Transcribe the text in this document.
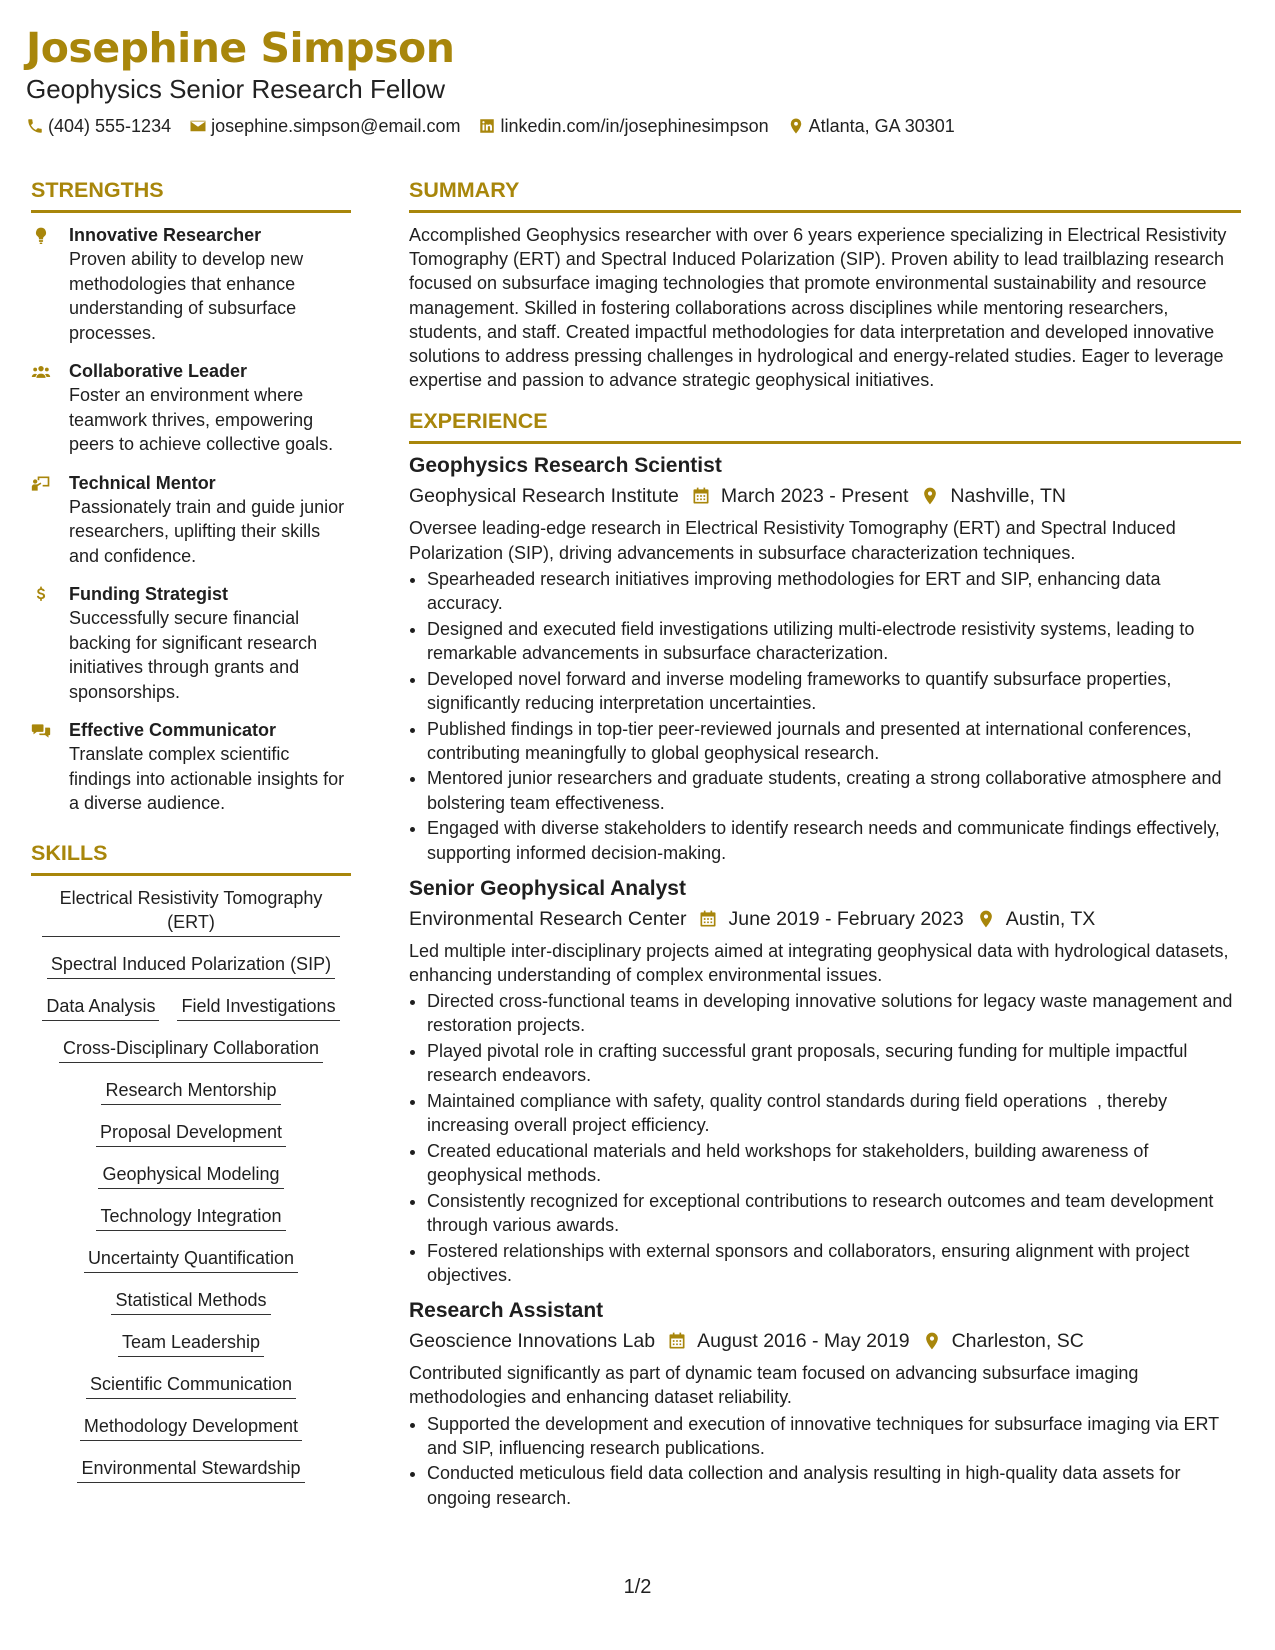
Josephine Simpson
Geophysics Senior Research Fellow
(404) 555-1234 josephine.simpson@email.com linkedin.com/in/josephinesimpson Atlanta, GA 30301
STRENGTHS
Innovative Researcher
Proven ability to develop new methodologies that enhance understanding of subsurface processes.
Collaborative Leader
Foster an environment where teamwork thrives, empowering peers to achieve collective goals.
Technical Mentor
Passionately train and guide junior researchers, uplifting their skills and confidence.
Funding Strategist
Successfully secure financial backing for significant research initiatives through grants and sponsorships.
Effective Communicator
Translate complex scientific findings into actionable insights for a diverse audience.
SKILLS
Electrical Resistivity Tomography (ERT)
Spectral Induced Polarization (SIP)
Data Analysis Field Investigations
Cross-Disciplinary Collaboration
Research Mentorship
Proposal Development
Geophysical Modeling
Technology Integration
Uncertainty Quantification
Statistical Methods
Team Leadership
Scientific Communication
Methodology Development
Environmental Stewardship
SUMMARY
Accomplished Geophysics researcher with over 6 years experience specializing in Electrical Resistivity Tomography (ERT) and Spectral Induced Polarization (SIP). Proven ability to lead trailblazing research focused on subsurface imaging technologies that promote environmental sustainability and resource management. Skilled in fostering collaborations across disciplines while mentoring researchers, students, and staff. Created impactful methodologies for data interpretation and developed innovative solutions to address pressing challenges in hydrological and energy-related studies. Eager to leverage expertise and passion to advance strategic geophysical initiatives.
EXPERIENCE
Geophysics Research Scientist
Geophysical Research Institute March 2023 - Present Nashville, TN
Oversee leading-edge research in Electrical Resistivity Tomography (ERT) and Spectral Induced Polarization (SIP), driving advancements in subsurface characterization techniques.
• Spearheaded research initiatives improving methodologies for ERT and SIP, enhancing data accuracy.
• Designed and executed field investigations utilizing multi-electrode resistivity systems, leading to remarkable advancements in subsurface characterization.
• Developed novel forward and inverse modeling frameworks to quantify subsurface properties, significantly reducing interpretation uncertainties.
• Published findings in top-tier peer-reviewed journals and presented at international conferences, contributing meaningfully to global geophysical research.
• Mentored junior researchers and graduate students, creating a strong collaborative atmosphere and bolstering team effectiveness.
• Engaged with diverse stakeholders to identify research needs and communicate findings effectively, supporting informed decision-making.
Senior Geophysical Analyst
Environmental Research Center June 2019 - February 2023 Austin, TX
Led multiple inter-disciplinary projects aimed at integrating geophysical data with hydrological datasets, enhancing understanding of complex environmental issues.
• Directed cross-functional teams in developing innovative solutions for legacy waste management and restoration projects.
• Played pivotal role in crafting successful grant proposals, securing funding for multiple impactful research endeavors.
• Maintained compliance with safety, quality control standards during field operations  , thereby increasing overall project efficiency.
• Created educational materials and held workshops for stakeholders, building awareness of geophysical methods.
• Consistently recognized for exceptional contributions to research outcomes and team development through various awards.
• Fostered relationships with external sponsors and collaborators, ensuring alignment with project objectives.
Research Assistant
Geoscience Innovations Lab August 2016 - May 2019 Charleston, SC
Contributed significantly as part of dynamic team focused on advancing subsurface imaging methodologies and enhancing dataset reliability.
• Supported the development and execution of innovative techniques for subsurface imaging via ERT and SIP, influencing research publications.
• Conducted meticulous field data collection and analysis resulting in high-quality data assets for ongoing research.
1/2
